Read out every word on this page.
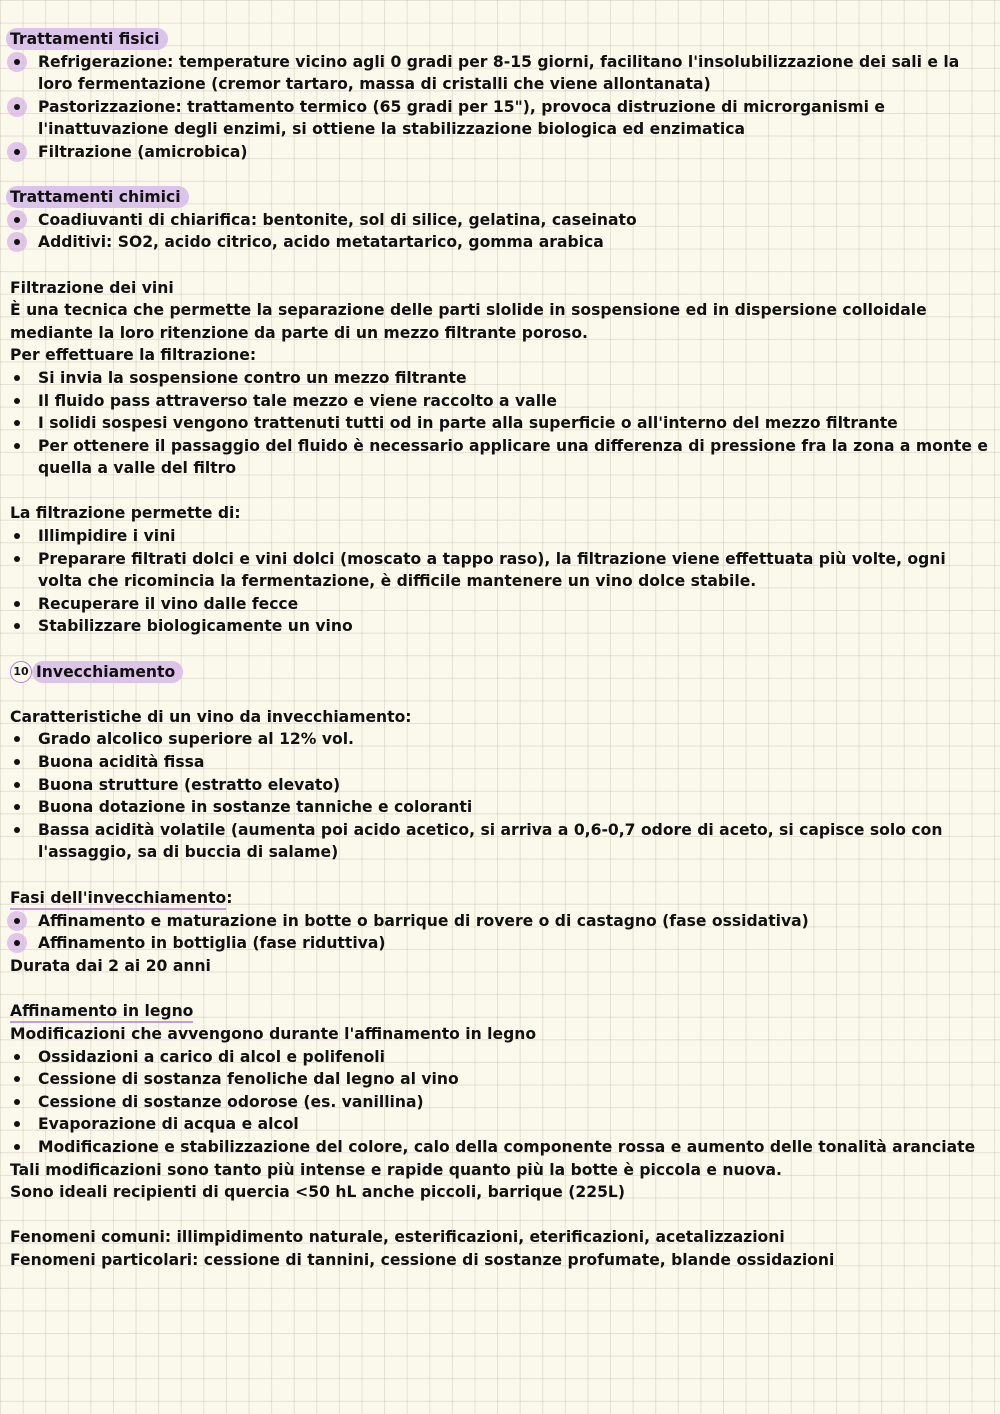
Trattamenti fisici
Refrigerazione: temperature vicino agli 0 gradi per 8-15 giorni, facilitano l'insolubilizzazione dei sali e la loro fermentazione (cremor tartaro, massa di cristalli che viene allontanata)
Pastorizzazione: trattamento termico (65 gradi per 15"), provoca distruzione di microrganismi e l'inattuvazione degli enzimi, si ottiene la stabilizzazione biologica ed enzimatica
Filtrazione (amicrobica)
Trattamenti chimici
Coadiuvanti di chiarifica: bentonite, sol di silice, gelatina, caseinato
Additivi: SO2, acido citrico, acido metatartarico, gomma arabica
Filtrazione dei vini
È una tecnica che permette la separazione delle parti slolide in sospensione ed in dispersione colloidale mediante la loro ritenzione da parte di un mezzo filtrante poroso.
Per effettuare la filtrazione:
Si invia la sospensione contro un mezzo filtrante
Il fluido pass attraverso tale mezzo e viene raccolto a valle
I solidi sospesi vengono trattenuti tutti od in parte alla superficie o all'interno del mezzo filtrante
Per ottenere il passaggio del fluido è necessario applicare una differenza di pressione fra la zona a monte e quella a valle del filtro
La filtrazione permette di:
Illimpidire i vini
Preparare filtrati dolci e vini dolci (moscato a tappo raso), la filtrazione viene effettuata più volte, ogni volta che ricomincia la fermentazione, è difficile mantenere un vino dolce stabile.
Recuperare il vino dalle fecce
Stabilizzare biologicamente un vino
10 Invecchiamento
Caratteristiche di un vino da invecchiamento:
Grado alcolico superiore al 12% vol.
Buona acidità fissa
Buona strutture (estratto elevato)
Buona dotazione in sostanze tanniche e coloranti
Bassa acidità volatile (aumenta poi acido acetico, si arriva a 0,6-0,7 odore di aceto, si capisce solo con l'assaggio, sa di buccia di salame)
Fasi dell'invecchiamento:
Affinamento e maturazione in botte o barrique di rovere o di castagno (fase ossidativa)
Affinamento in bottiglia (fase riduttiva)
Durata dai 2 ai 20 anni
Affinamento in legno
Modificazioni che avvengono durante l'affinamento in legno
Ossidazioni a carico di alcol e polifenoli
Cessione di sostanza fenoliche dal legno al vino
Cessione di sostanze odorose (es. vanillina)
Evaporazione di acqua e alcol
Modificazione e stabilizzazione del colore, calo della componente rossa e aumento delle tonalità aranciate
Tali modificazioni sono tanto più intense e rapide quanto più la botte è piccola e nuova.
Sono ideali recipienti di quercia <50 hL anche piccoli, barrique (225L)
Fenomeni comuni: illimpidimento naturale, esterificazioni, eterificazioni, acetalizzazioni
Fenomeni particolari: cessione di tannini, cessione di sostanze profumate, blande ossidazioni
